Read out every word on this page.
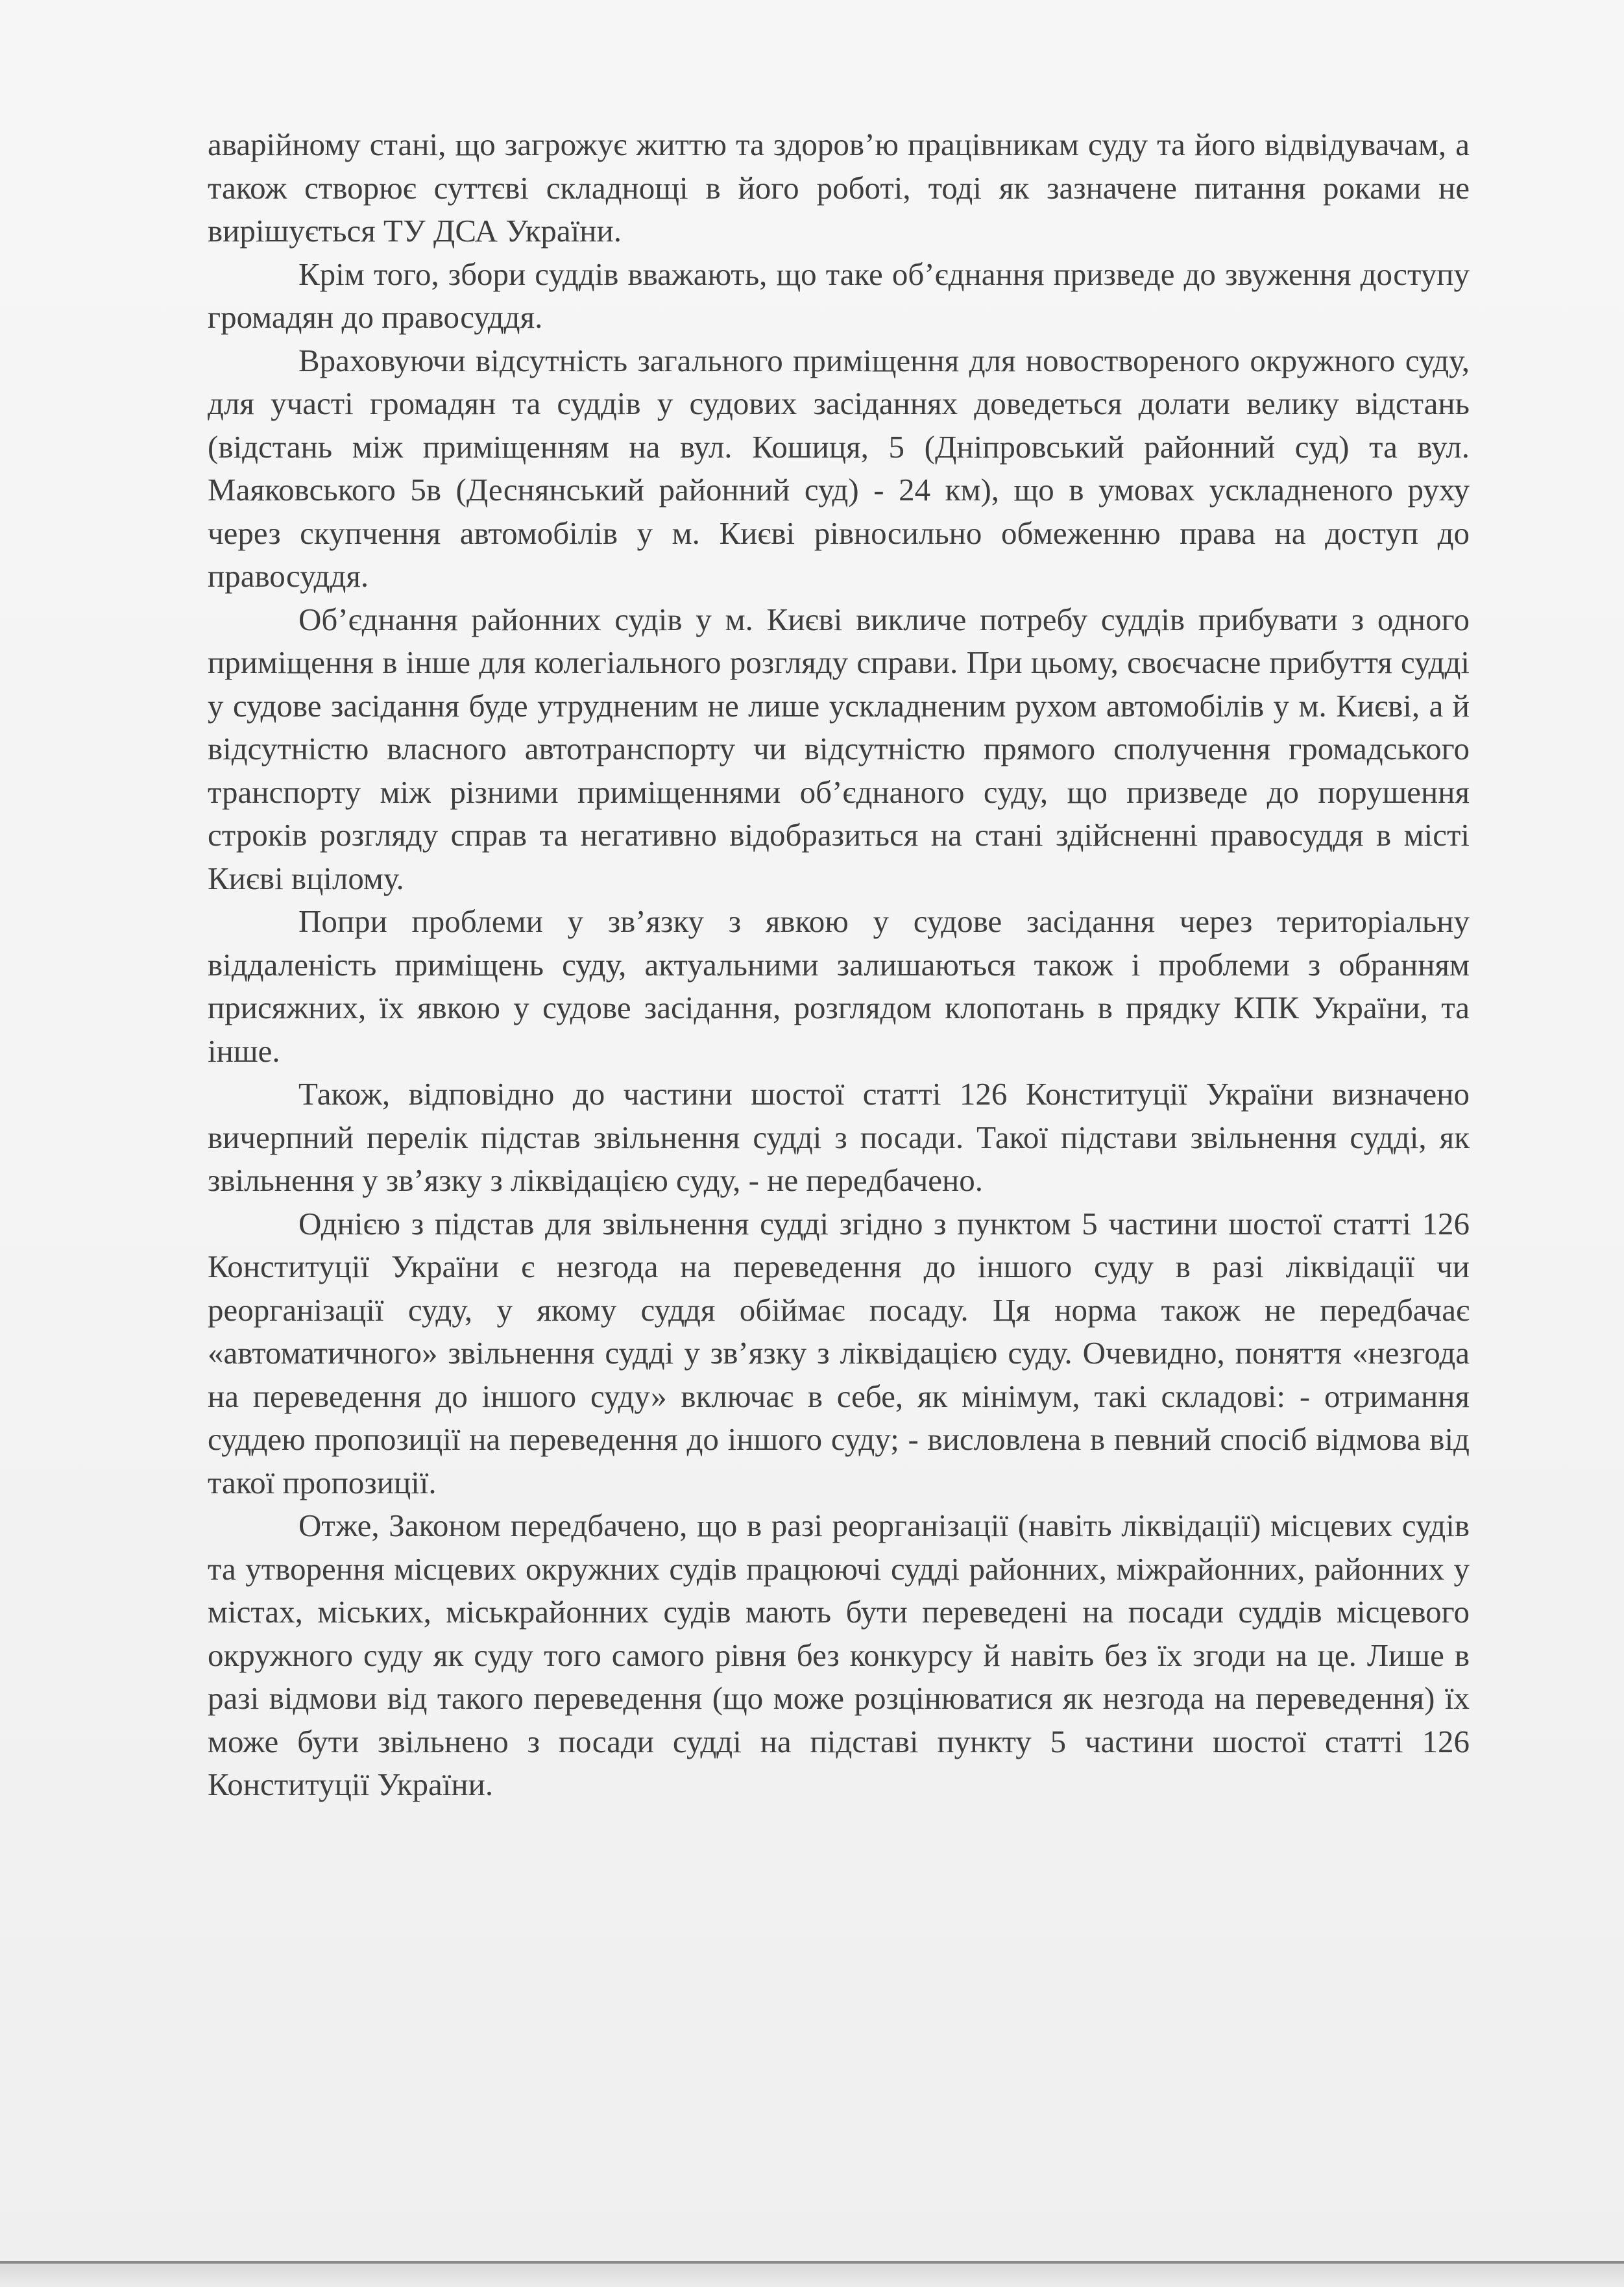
аварійному стані, що загрожує життю та здоров’ю працівникам суду та його відвідувачам, а також створює суттєві складнощі в його роботі, тоді як зазначене питання роками не вирішується ТУ ДСА України.

Крім того, збори суддів вважають, що таке об’єднання призведе до звуження доступу громадян до правосуддя.

Враховуючи відсутність загального приміщення для новоствореного окружного суду, для участі громадян та суддів у судових засіданнях доведеться долати велику відстань (відстань між приміщенням на вул. Кошиця, 5 (Дніпровський районний суд) та вул. Маяковського 5в (Деснянський районний суд) - 24 км), що в умовах ускладненого руху через скупчення автомобілів у м. Києві рівносильно обмеженню права на доступ до правосуддя.

Об’єднання районних судів у м. Києві викличе потребу суддів прибувати з одного приміщення в інше для колегіального розгляду справи. При цьому, своєчасне прибуття судді у судове засідання буде утрудненим не лише ускладненим рухом автомобілів у м. Києві, а й відсутністю власного автотранспорту чи відсутністю прямого сполучення громадського транспорту між різними приміщеннями об’єднаного суду, що призведе до порушення строків розгляду справ та негативно відобразиться на стані здійсненні правосуддя в місті Києві вцілому.

Попри проблеми у зв’язку з явкою у судове засідання через територіальну віддаленість приміщень суду, актуальними залишаються також і проблеми з обранням присяжних, їх явкою у судове засідання, розглядом клопотань в прядку КПК України, та інше.

Також, відповідно до частини шостої статті 126 Конституції України визначено вичерпний перелік підстав звільнення судді з посади. Такої підстави звільнення судді, як звільнення у зв’язку з ліквідацією суду, - не передбачено.

Однією з підстав для звільнення судді згідно з пунктом 5 частини шостої статті 126 Конституції України є незгода на переведення до іншого суду в разі ліквідації чи реорганізації суду, у якому суддя обіймає посаду. Ця норма також не передбачає «автоматичного» звільнення судді у зв’язку з ліквідацією суду. Очевидно, поняття «незгода на переведення до іншого суду» включає в себе, як мінімум, такі складові: - отримання суддею пропозиції на переведення до іншого суду; - висловлена в певний спосіб відмова від такої пропозиції.

Отже, Законом передбачено, що в разі реорганізації (навіть ліквідації) місцевих судів та утворення місцевих окружних судів працюючі судді районних, міжрайонних, районних у містах, міських, міськрайонних судів мають бути переведені на посади суддів місцевого окружного суду як суду того самого рівня без конкурсу й навіть без їх згоди на це. Лише в разі відмови від такого переведення (що може розцінюватися як незгода на переведення) їх може бути звільнено з посади судді на підставі пункту 5 частини шостої статті 126 Конституції України.
